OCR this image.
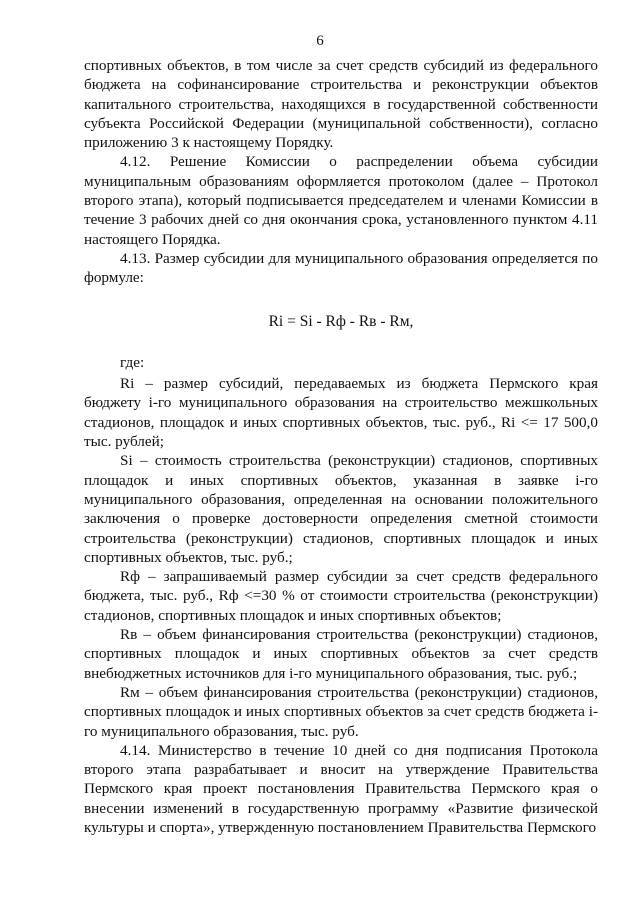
6

спортивных объектов, в том числе за счет средств субсидий из федерального бюджета на софинансирование строительства и реконструкции объектов капитального строительства, находящихся в государственной собственности субъекта Российской Федерации (муниципальной собственности), согласно приложению 3 к настоящему Порядку.

4.12. Решение Комиссии о распределении объема субсидии муниципальным образованиям оформляется протоколом (далее – Протокол второго этапа), который подписывается председателем и членами Комиссии в течение 3 рабочих дней со дня окончания срока, установленного пунктом 4.11 настоящего Порядка.

4.13. Размер субсидии для муниципального образования определяется по формуле:

Ri = Si - Rф - Rв - Rм,

где:

Ri – размер субсидий, передаваемых из бюджета Пермского края бюджету i-го муниципального образования на строительство межшкольных стадионов, площадок и иных спортивных объектов, тыс. руб., Ri <= 17 500,0 тыс. рублей;

Si – стоимость строительства (реконструкции) стадионов, спортивных площадок и иных спортивных объектов, указанная в заявке i-го муниципального образования, определенная на основании положительного заключения о проверке достоверности определения сметной стоимости строительства (реконструкции) стадионов, спортивных площадок и иных спортивных объектов, тыс. руб.;

Rф – запрашиваемый размер субсидии за счет средств федерального бюджета, тыс. руб., Rф <=30 % от стоимости строительства (реконструкции) стадионов, спортивных площадок и иных спортивных объектов;

Rв – объем финансирования строительства (реконструкции) стадионов, спортивных площадок и иных спортивных объектов за счет средств внебюджетных источников для i-го муниципального образования, тыс. руб.;

Rм – объем финансирования строительства (реконструкции) стадионов, спортивных площадок и иных спортивных объектов за счет средств бюджета i-го муниципального образования, тыс. руб.

4.14. Министерство в течение 10 дней со дня подписания Протокола второго этапа разрабатывает и вносит на утверждение Правительства Пермского края проект постановления Правительства Пермского края о внесении изменений в государственную программу «Развитие физической культуры и спорта», утвержденную постановлением Правительства Пермского
